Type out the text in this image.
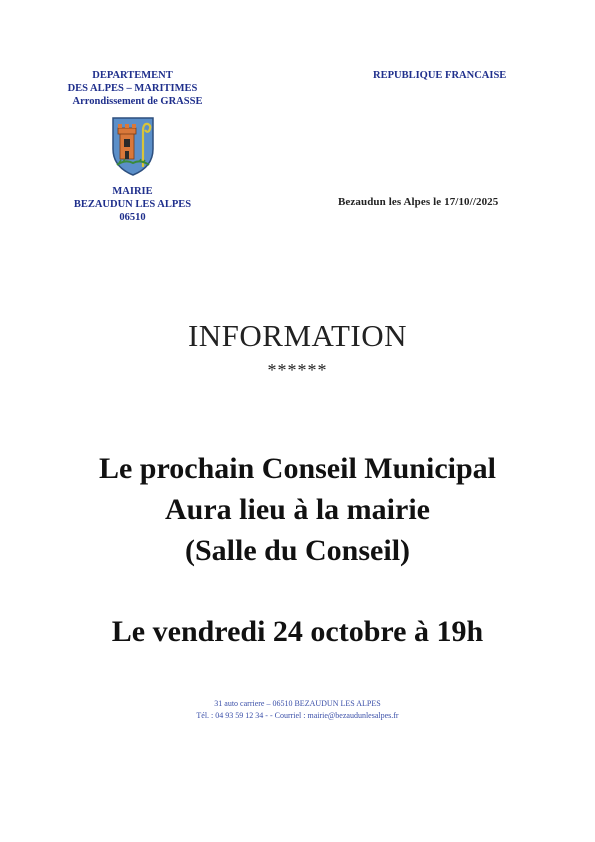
DEPARTEMENT
DES ALPES – MARITIMES
Arrondissement de GRASSE
MAIRIE
BEZAUDUN LES ALPES
06510
REPUBLIQUE FRANCAISE
Bezaudun les Alpes le 17/10//2025
INFORMATION
******
Le prochain Conseil Municipal
Aura lieu à la mairie
(Salle du Conseil)
Le vendredi 24 octobre à 19h
31 auto carriere – 06510 BEZAUDUN LES ALPES
Tél. : 04 93 59 12 34 - - Courriel : mairie@bezaudunlesalpes.fr
